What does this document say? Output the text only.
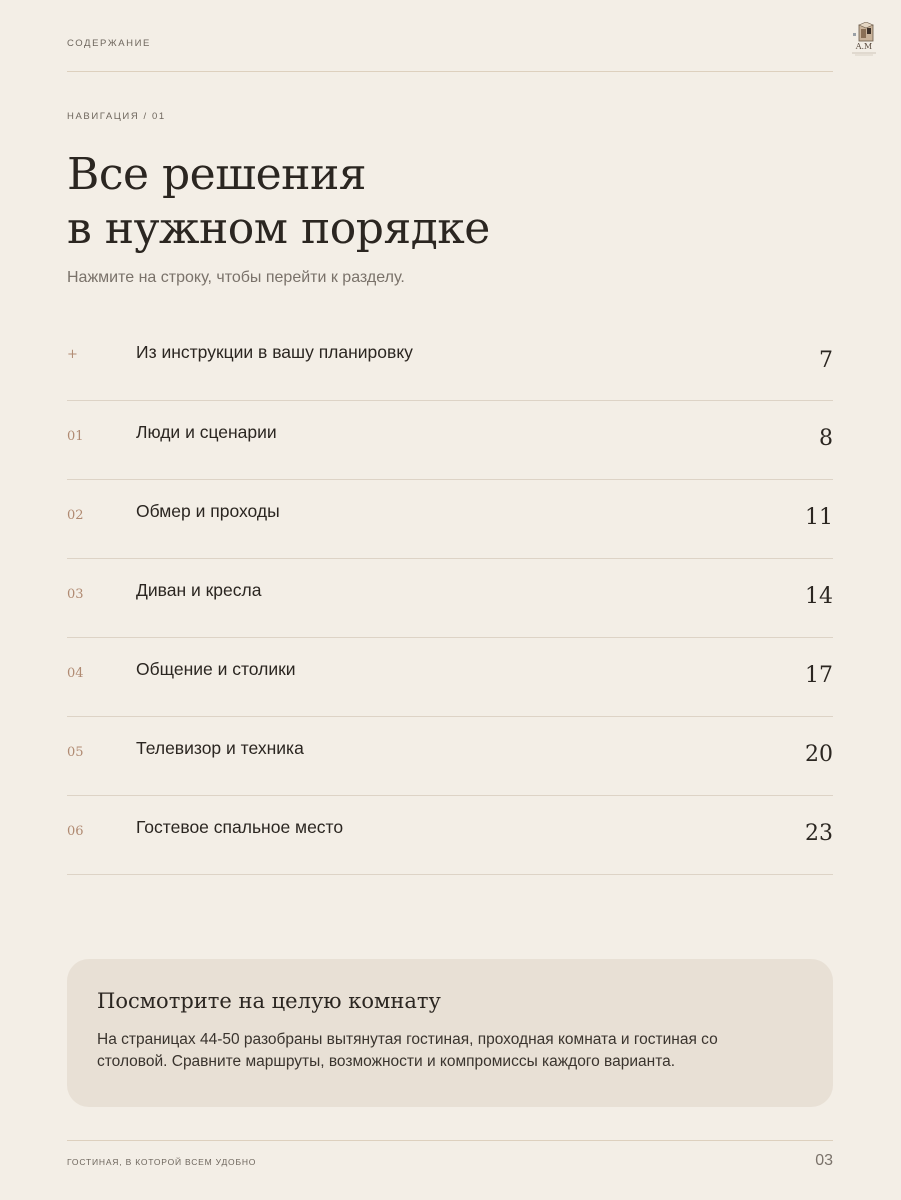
СОДЕРЖАНИЕ	A.M
НАВИГАЦИЯ / 01
Все решения
в нужном порядке
Нажмите на строку, чтобы перейти к разделу.
+	Из инструкции в вашу планировку	7
01	Люди и сценарии	8
02	Обмер и проходы	11
03	Диван и кресла	14
04	Общение и столики	17
05	Телевизор и техника	20
06	Гостевое спальное место	23
Посмотрите на целую комнату

На страницах 44-50 разобраны вытянутая гостиная, проходная комната и гостиная со столовой. Сравните маршруты, возможности и компромиссы каждого варианта.

ГОСТИНАЯ, В КОТОРОЙ ВСЕМ УДОБНО	03
